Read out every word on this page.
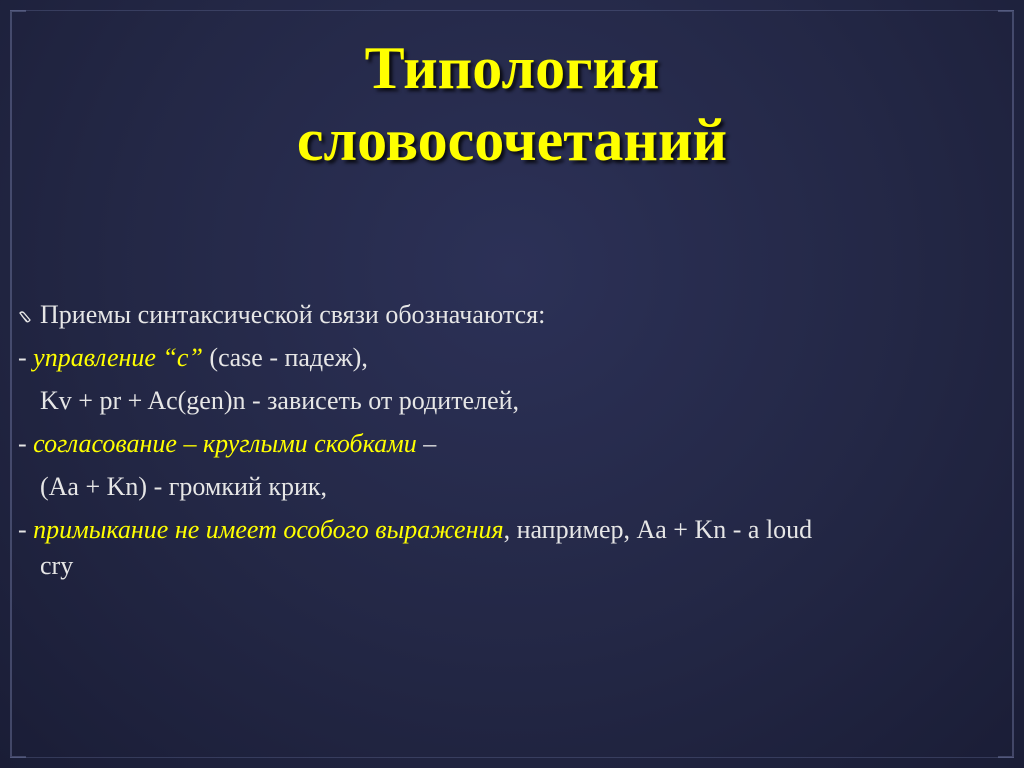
Типология
словосочетаний
Приемы синтаксической связи обозначаются:
- управление “с” (case - падеж),
Kv + pr + Ac(gen)n - зависеть от родителей,
- согласование – круглыми скобками –
(Aa + Kn) - громкий крик,
- примыкание не имеет особого выражения, например, Aa + Kn - a loud
cry
